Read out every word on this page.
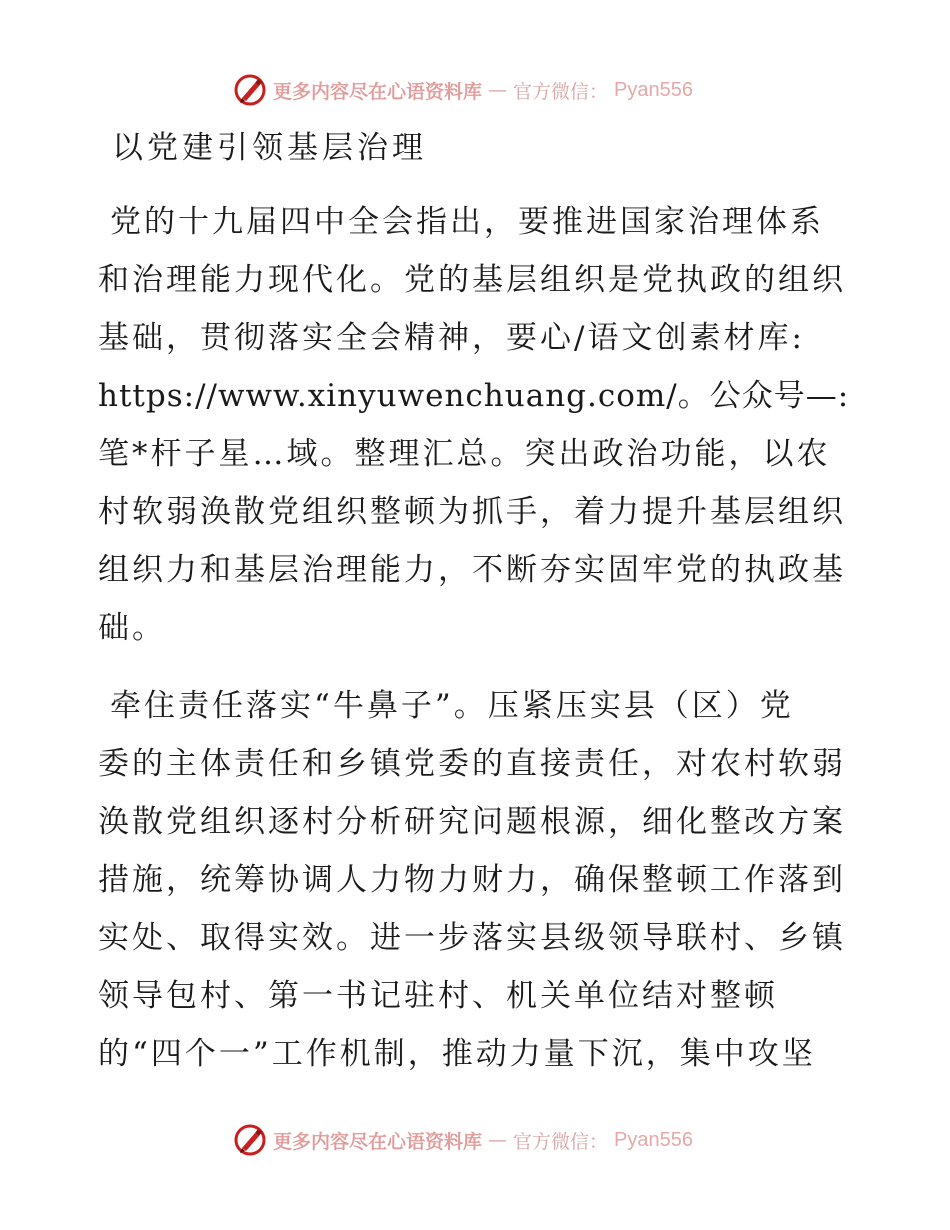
更多内容尽在心语资料库 — 官方微信： Pyan556
以党建引领基层治理
党的十九届四中全会指出，要推进国家治理体系
和治理能力现代化。党的基层组织是党执政的组织
基础，贯彻落实全会精神，要心/语文创素材库:
https://www.xinyuwenchuang.com/。公众号—:
笔*杆子星…域。整理汇总。突出政治功能，以农
村软弱涣散党组织整顿为抓手，着力提升基层组织
组织力和基层治理能力，不断夯实固牢党的执政基
础。
牵住责任落实“牛鼻子”。压紧压实县（区）党
委的主体责任和乡镇党委的直接责任，对农村软弱
涣散党组织逐村分析研究问题根源，细化整改方案
措施，统筹协调人力物力财力，确保整顿工作落到
实处、取得实效。进一步落实县级领导联村、乡镇
领导包村、第一书记驻村、机关单位结对整顿
的“四个一”工作机制，推动力量下沉，集中攻坚
更多内容尽在心语资料库 — 官方微信： Pyan556
